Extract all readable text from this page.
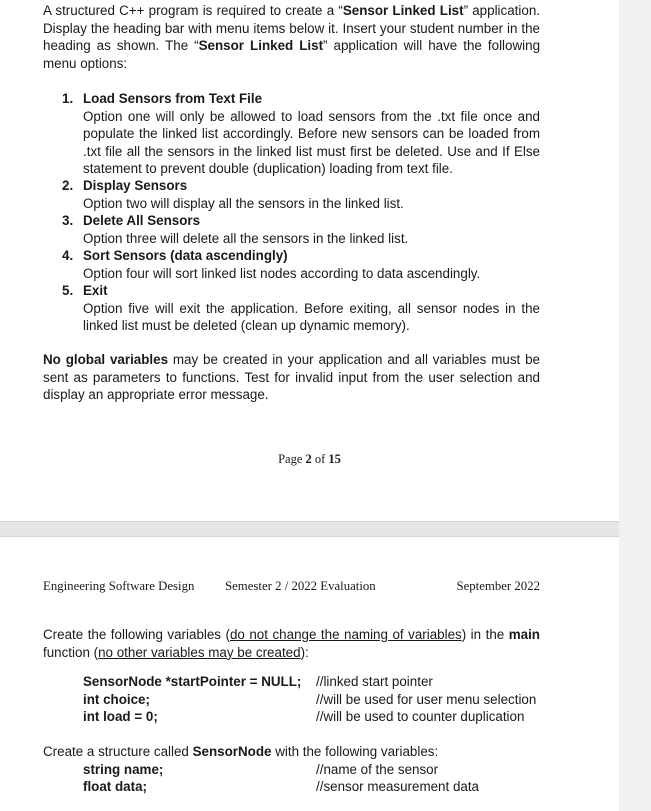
A structured C++ program is required to create a “Sensor Linked List” application. Display the heading bar with menu items below it. Insert your student number in the heading as shown. The “Sensor Linked List” application will have the following menu options:
1. Load Sensors from Text File
Option one will only be allowed to load sensors from the .txt file once and populate the linked list accordingly. Before new sensors can be loaded from .txt file all the sensors in the linked list must first be deleted. Use and If Else statement to prevent double (duplication) loading from text file.
2. Display Sensors
Option two will display all the sensors in the linked list.
3. Delete All Sensors
Option three will delete all the sensors in the linked list.
4. Sort Sensors (data ascendingly)
Option four will sort linked list nodes according to data ascendingly.
5. Exit
Option five will exit the application. Before exiting, all sensor nodes in the linked list must be deleted (clean up dynamic memory).
No global variables may be created in your application and all variables must be sent as parameters to functions. Test for invalid input from the user selection and display an appropriate error message.
Page 2 of 15
Engineering Software Design Semester 2 / 2022 Evaluation	September 2022
Create the following variables (do not change the naming of variables) in the main function (no other variables may be created):
SensorNode *startPointer = NULL; //linked start pointer
int choice;	//will be used for user menu selection
int load = 0;	//will be used to counter duplication
Create a structure called SensorNode with the following variables:
string name;	//name of the sensor
float data;	//sensor measurement data
